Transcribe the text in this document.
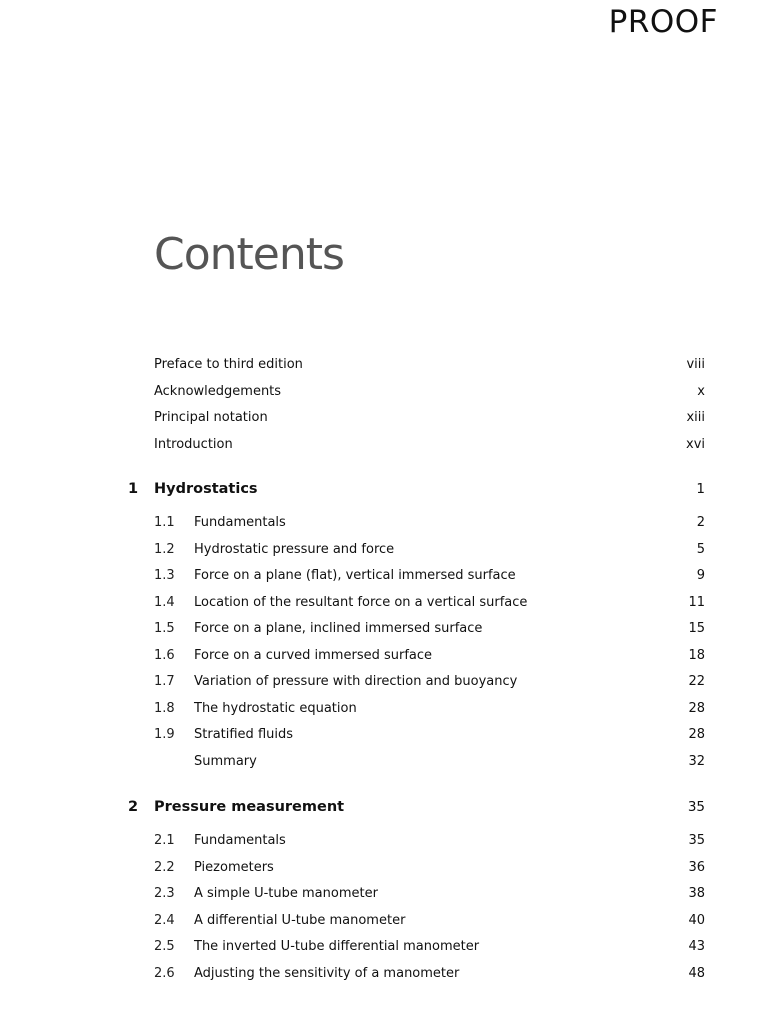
PROOF
Contents
Preface to third edition	viii
Acknowledgements	x
Principal notation	xiii
Introduction	xvi
1 Hydrostatics	1
1.1 Fundamentals	2
1.2 Hydrostatic pressure and force	5
1.3 Force on a plane (flat), vertical immersed surface	9
1.4 Location of the resultant force on a vertical surface	11
1.5 Force on a plane, inclined immersed surface	15
1.6 Force on a curved immersed surface	18
1.7 Variation of pressure with direction and buoyancy	22
1.8 The hydrostatic equation	28
1.9 Stratified fluids	28
Summary	32
2 Pressure measurement	35
2.1 Fundamentals	35
2.2 Piezometers	36
2.3 A simple U-tube manometer	38
2.4 A differential U-tube manometer	40
2.5 The inverted U-tube differential manometer	43
2.6 Adjusting the sensitivity of a manometer	48
